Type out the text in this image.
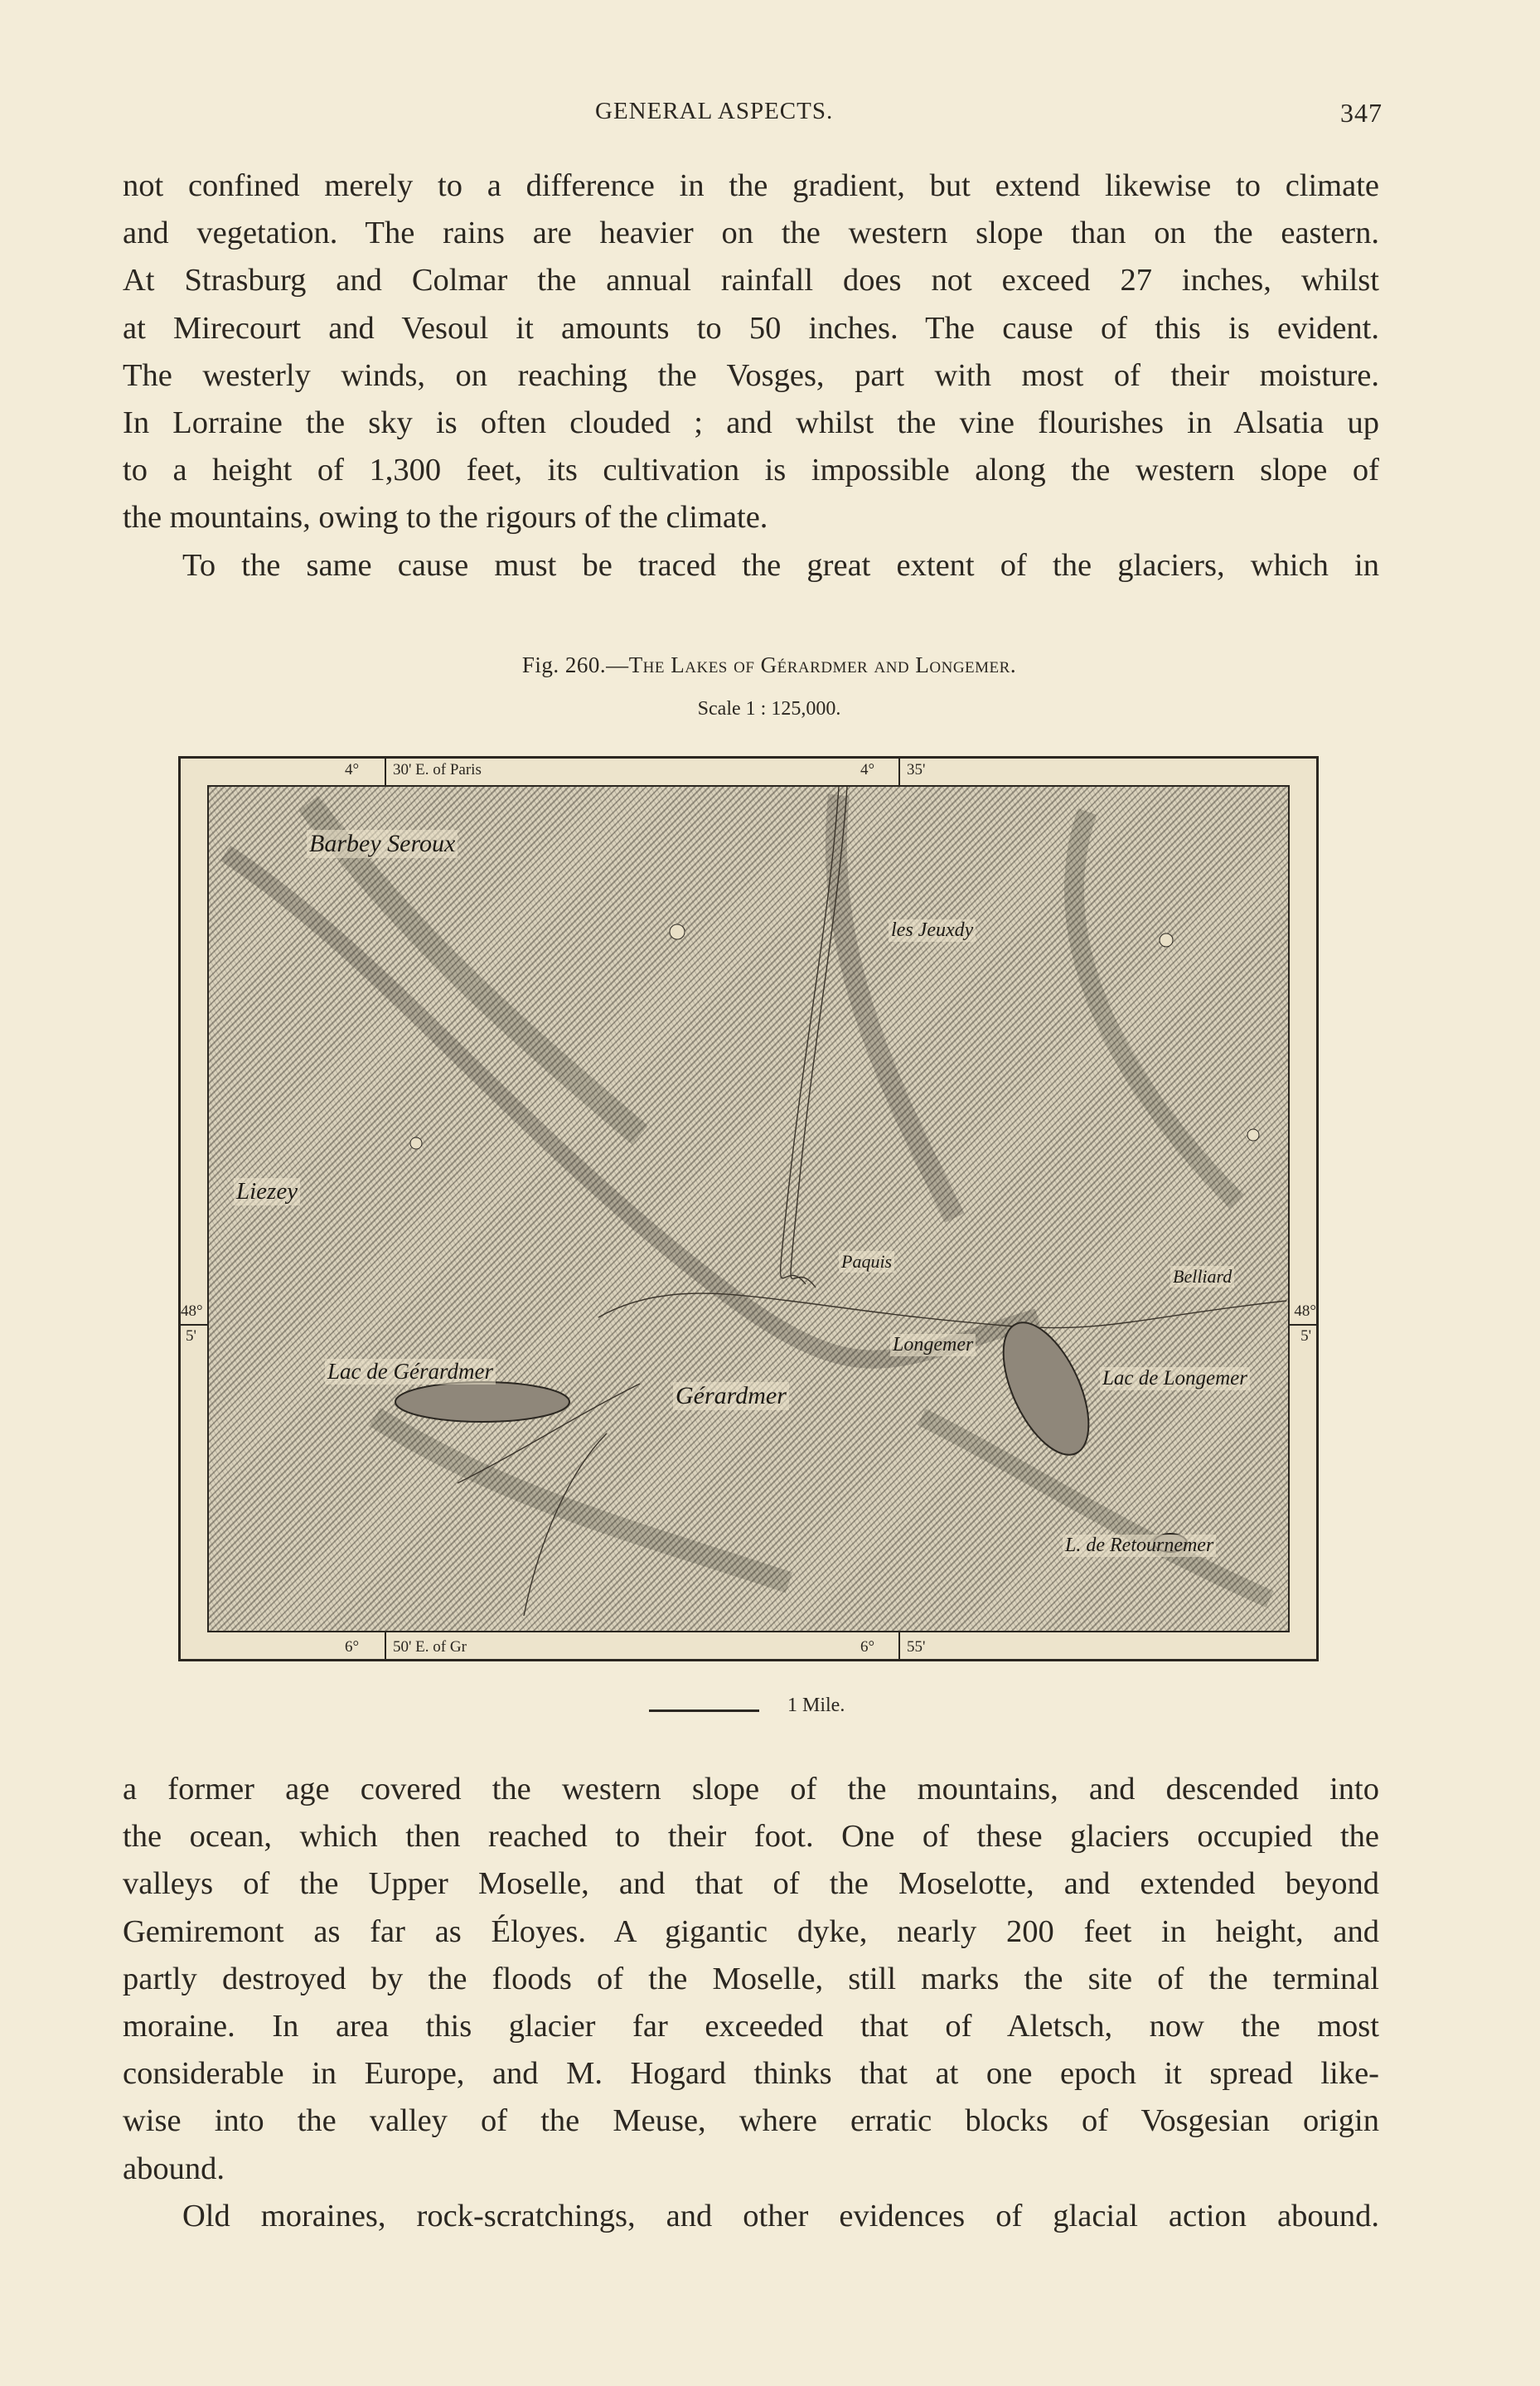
GENERAL ASPECTS.	347
not confined merely to a difference in the gradient, but extend likewise to climate
and vegetation. The rains are heavier on the western slope than on the eastern.
At Strasburg and Colmar the annual rainfall does not exceed 27 inches, whilst
at Mirecourt and Vesoul it amounts to 50 inches. The cause of this is evident.
The westerly winds, on reaching the Vosges, part with most of their moisture.
In Lorraine the sky is often clouded ; and whilst the vine flourishes in Alsatia up
to a height of 1,300 feet, its cultivation is impossible along the western slope of
the mountains, owing to the rigours of the climate.
To the same cause must be traced the great extent of the glaciers, which in
Fig. 260.—The Lakes of Gérardmer and Longemer.
Scale 1 : 125,000.
4° 30' E. of Paris	4° 35'
6° 50' E. of Gr	6° 55'
48°
5'
48°
5'
Barbey Seroux
les Jeuxdy
Liezey
Lac de Gérardmer
Gérardmer
Longemer
Lac de Longemer
L. de Retournemer
Belliard
Paquis
1 Mile.
a former age covered the western slope of the mountains, and descended into
the ocean, which then reached to their foot. One of these glaciers occupied the
valleys of the Upper Moselle, and that of the Moselotte, and extended beyond
Gemiremont as far as Éloyes. A gigantic dyke, nearly 200 feet in height, and
partly destroyed by the floods of the Moselle, still marks the site of the terminal
moraine. In area this glacier far exceeded that of Aletsch, now the most
considerable in Europe, and M. Hogard thinks that at one epoch it spread like-
wise into the valley of the Meuse, where erratic blocks of Vosgesian origin
abound.
Old moraines, rock-scratchings, and other evidences of glacial action abound.
